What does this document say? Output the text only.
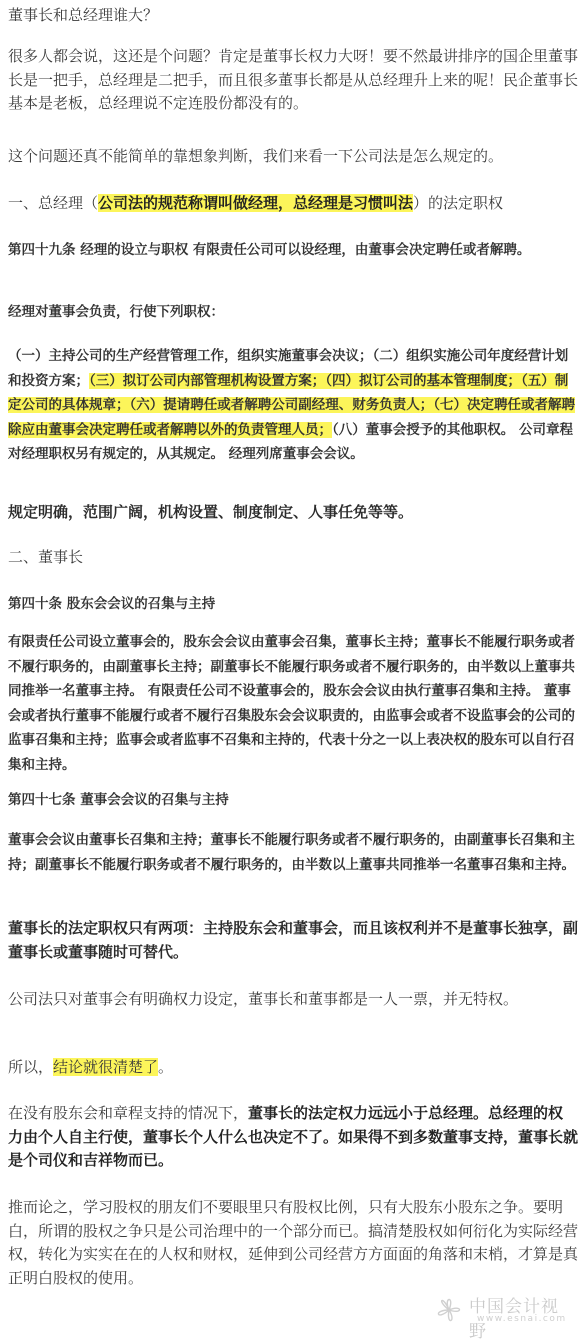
董事长和总经理谁大？

很多人都会说，这还是个问题？肯定是董事长权力大呀！要不然最讲排序的国企里董事长是一把手，总经理是二把手，而且很多董事长都是从总经理升上来的呢！民企董事长基本是老板，总经理说不定连股份都没有的。

这个问题还真不能简单的靠想象判断，我们来看一下公司法是怎么规定的。

一、总经理（公司法的规范称谓叫做经理，总经理是习惯叫法）的法定职权

第四十九条 经理的设立与职权 有限责任公司可以设经理，由董事会决定聘任或者解聘。

经理对董事会负责，行使下列职权：

（一）主持公司的生产经营管理工作，组织实施董事会决议；（二）组织实施公司年度经营计划和投资方案；（三）拟订公司内部管理机构设置方案；（四）拟订公司的基本管理制度；（五）制定公司的具体规章；（六）提请聘任或者解聘公司副经理、财务负责人；（七）决定聘任或者解聘除应由董事会决定聘任或者解聘以外的负责管理人员；（八）董事会授予的其他职权。 公司章程对经理职权另有规定的，从其规定。 经理列席董事会会议。

规定明确，范围广阔，机构设置、制度制定、人事任免等等。

二、董事长

第四十条 股东会会议的召集与主持

有限责任公司设立董事会的，股东会会议由董事会召集，董事长主持；董事长不能履行职务或者不履行职务的，由副董事长主持；副董事长不能履行职务或者不履行职务的，由半数以上董事共同推举一名董事主持。 有限责任公司不设董事会的，股东会会议由执行董事召集和主持。 董事会或者执行董事不能履行或者不履行召集股东会会议职责的，由监事会或者不设监事会的公司的监事召集和主持；监事会或者监事不召集和主持的，代表十分之一以上表决权的股东可以自行召集和主持。

第四十七条 董事会会议的召集与主持

董事会会议由董事长召集和主持；董事长不能履行职务或者不履行职务的，由副董事长召集和主持；副董事长不能履行职务或者不履行职务的，由半数以上董事共同推举一名董事召集和主持。

董事长的法定职权只有两项：主持股东会和董事会，而且该权利并不是董事长独享，副董事长或董事随时可替代。

公司法只对董事会有明确权力设定，董事长和董事都是一人一票，并无特权。

所以，结论就很清楚了。

在没有股东会和章程支持的情况下，董事长的法定权力远远小于总经理。总经理的权力由个人自主行使，董事长个人什么也决定不了。如果得不到多数董事支持，董事长就是个司仪和吉祥物而已。

推而论之，学习股权的朋友们不要眼里只有股权比例，只有大股东小股东之争。要明白，所谓的股权之争只是公司治理中的一个部分而已。搞清楚股权如何衍化为实际经营权，转化为实实在在的人权和财权，延伸到公司经营方方面面的角落和末梢，才算是真正明白股权的使用。

中国会计视野
www.esnai.com
